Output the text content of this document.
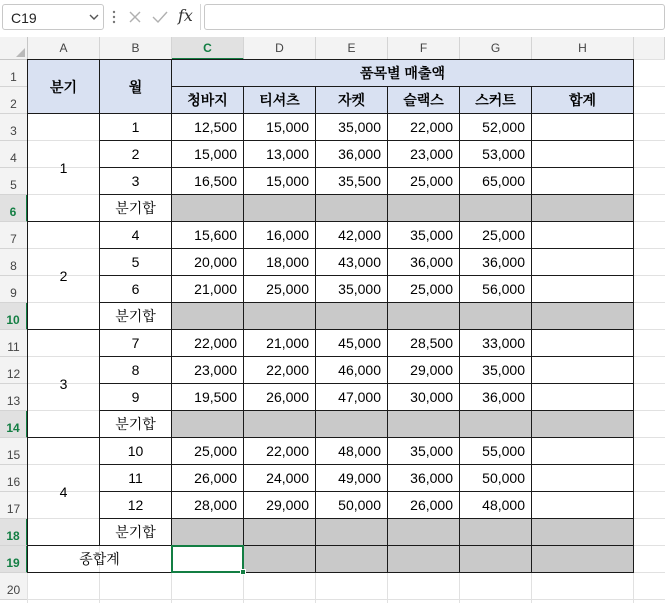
C19	fx
A	B	C	D	E	F	G	H
1
2
3
4
5
6
7
8
9
10
11
12
13
14
15
16
17
18
19
20
분기	월
품목별 매출액
청바지	티셔츠	자켓	슬랙스	스커트	합계
1
1	12,500	15,000	35,000	22,000	52,000
2	15,000	13,000	36,000	23,000	53,000
3	16,500	15,000	35,500	25,000	65,000
분기합
2
4	15,600	16,000	42,000	35,000	25,000
5	20,000	18,000	43,000	36,000	36,000
6	21,000	25,000	35,000	25,000	56,000
분기합
3
7	22,000	21,000	45,000	28,500	33,000
8	23,000	22,000	46,000	29,000	35,000
9	19,500	26,000	47,000	30,000	36,000
분기합
4
10	25,000	22,000	48,000	35,000	55,000
11	26,000	24,000	49,000	36,000	50,000
12	28,000	29,000	50,000	26,000	48,000
분기합
종합계
